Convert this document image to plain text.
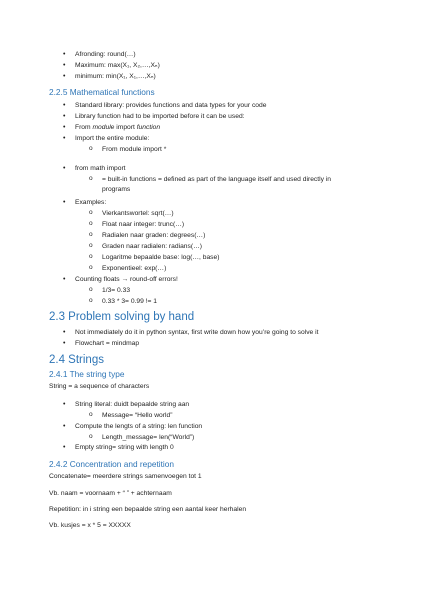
• Afronding: round(…)
• Maximum: max(X₁, X₂,…,Xₙ)
• minimum: min(X₁, X₁,…,Xₙ)
2.2.5 Mathematical functions
• Standard library: provides functions and data types for your code
• Library function had to be imported before it can be used:
• From module import function
• Import the entire module:
o From module import *
• from math import
o = built-in functions = defined as part of the language itself and used directly in
programs
• Examples:
o Vierkantswortel: sqrt(…)
o Float naar integer: trunc(…)
o Radialen naar graden: degrees(…)
o Graden naar radialen: radians(…)
o Logaritme bepaalde base: log(…, base)
o Exponentieel: exp(…)
• Counting floats → round-off errors!
o 1/3= 0.33
o 0.33 * 3= 0.99 != 1
2.3 Problem solving by hand
• Not immediately do it in python syntax, first write down how you’re going to solve it
• Flowchart = mindmap
2.4 Strings
2.4.1 The string type
String = a sequence of characters
• String literal: duidt bepaalde string aan
o Message= “Hello world”
• Compute the lengts of a string: len function
o Length_message= len(“World”)
• Empty string= string with length 0
2.4.2 Concentration and repetition
Concatenate= meerdere strings samenvoegen tot 1
Vb. naam = voornaam + “ ” + achternaam
Repetition: in i string een bepaalde string een aantal keer herhalen
Vb. kusjes = x * 5 = XXXXX
